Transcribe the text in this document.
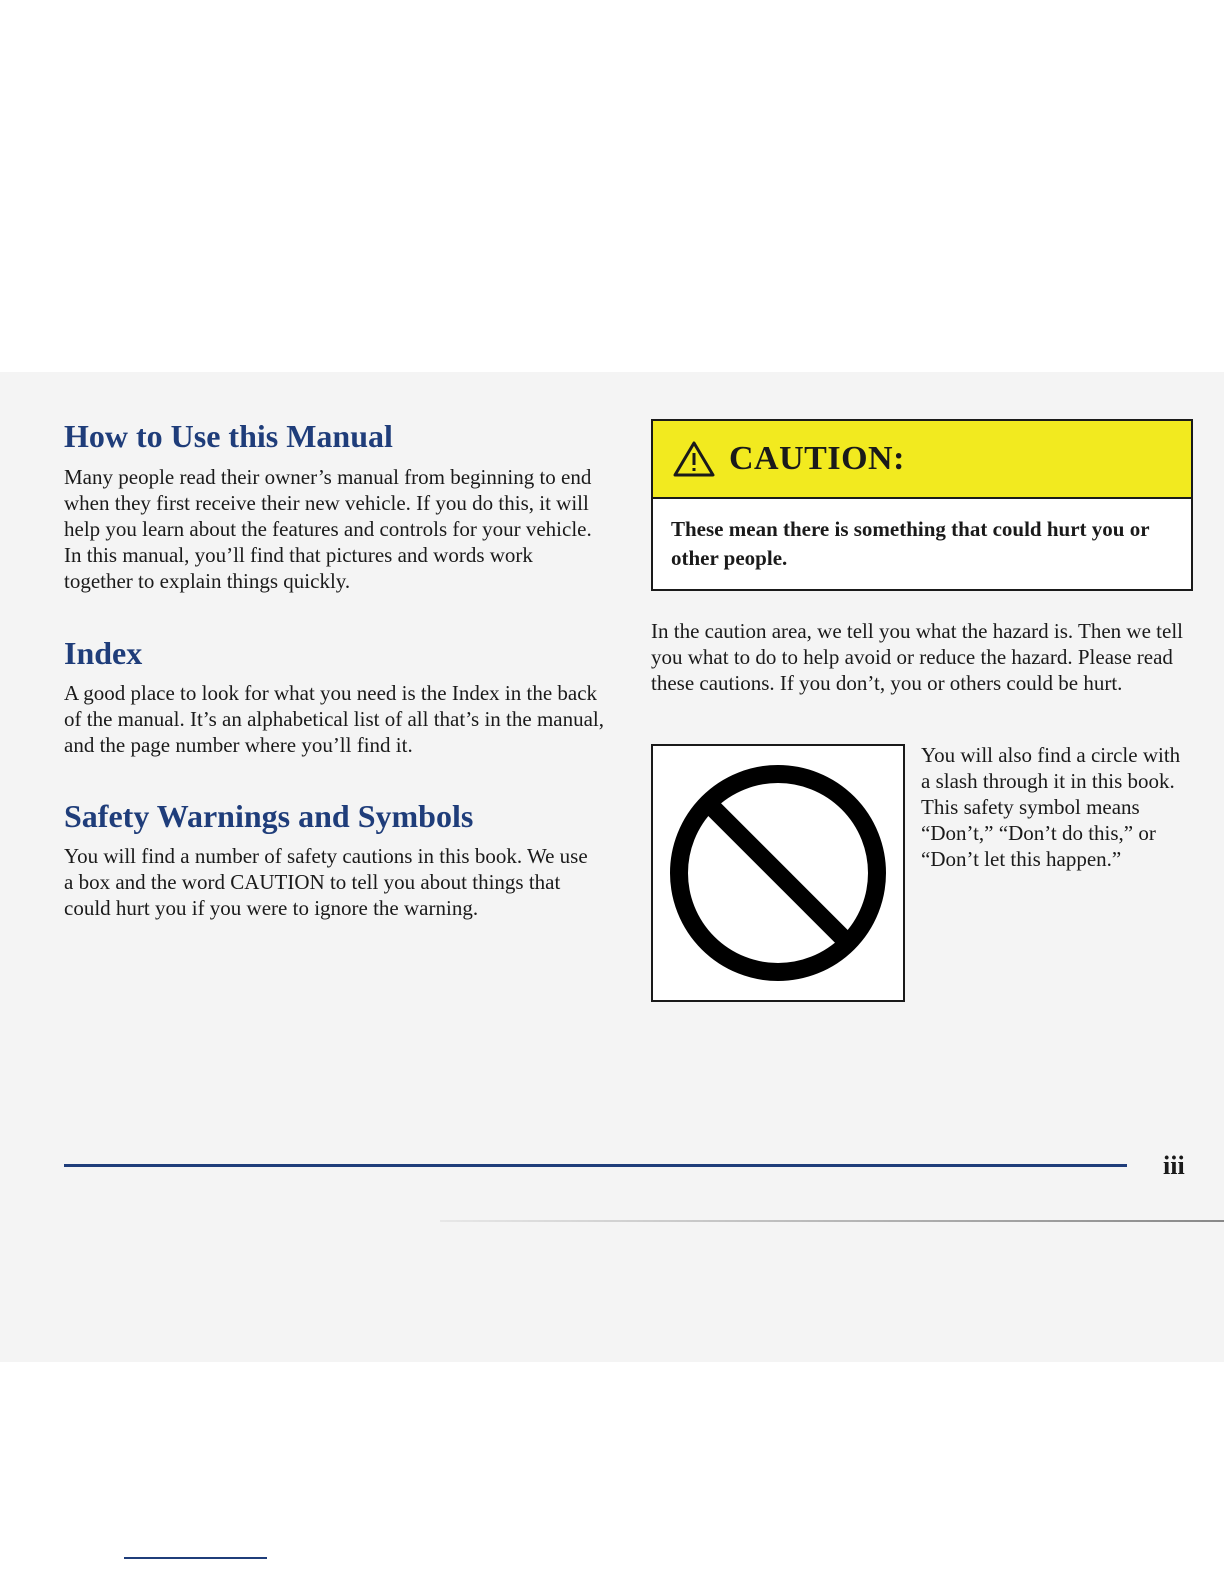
How to Use this Manual

Many people read their owner’s manual from beginning to end when they first receive their new vehicle. If you do this, it will help you learn about the features and controls for your vehicle. In this manual, you’ll find that pictures and words work together to explain things quickly.

Index

A good place to look for what you need is the Index in the back of the manual. It’s an alphabetical list of all that’s in the manual, and the page number where you’ll find it.

Safety Warnings and Symbols

You will find a number of safety cautions in this book. We use a box and the word CAUTION to tell you about things that could hurt you if you were to ignore the warning.

CAUTION:
These mean there is something that could hurt you or other people.

In the caution area, we tell you what the hazard is. Then we tell you what to do to help avoid or reduce the hazard. Please read these cautions. If you don’t, you or others could be hurt.

You will also find a circle with a slash through it in this book. This safety symbol means “Don’t,” “Don’t do this,” or “Don’t let this happen.”

iii
